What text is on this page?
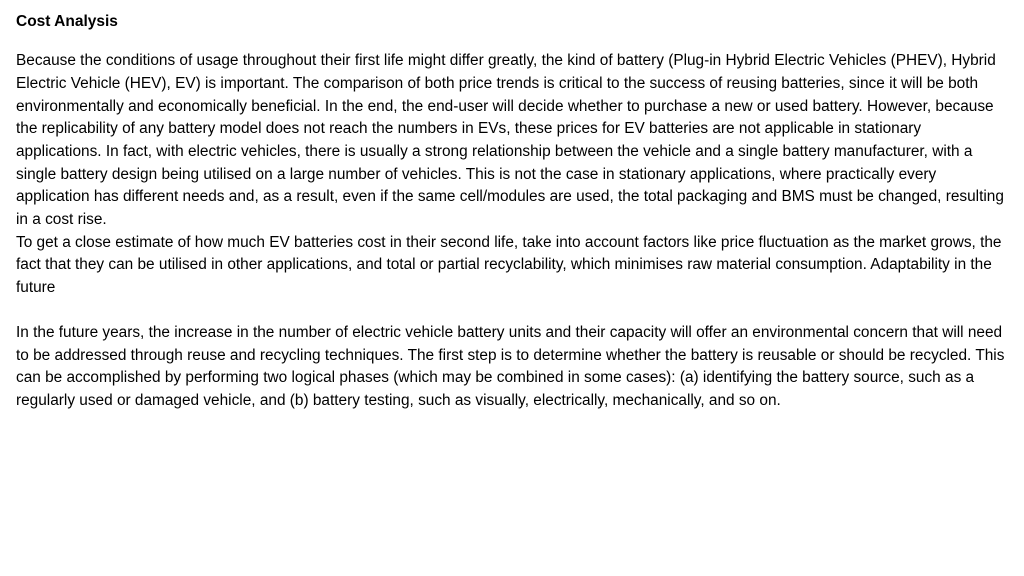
Cost Analysis

Because the conditions of usage throughout their first life might differ greatly, the kind of battery (Plug-in Hybrid Electric Vehicles (PHEV), Hybrid Electric Vehicle (HEV), EV) is important. The comparison of both price trends is critical to the success of reusing batteries, since it will be both environmentally and economically beneficial. In the end, the end-user will decide whether to purchase a new or used battery. However, because the replicability of any battery model does not reach the numbers in EVs, these prices for EV batteries are not applicable in stationary applications. In fact, with electric vehicles, there is usually a strong relationship between the vehicle and a single battery manufacturer, with a single battery design being utilised on a large number of vehicles. This is not the case in stationary applications, where practically every application has different needs and, as a result, even if the same cell/modules are used, the total packaging and BMS must be changed, resulting in a cost rise.

To get a close estimate of how much EV batteries cost in their second life, take into account factors like price fluctuation as the market grows, the fact that they can be utilised in other applications, and total or partial recyclability, which minimises raw material consumption. Adaptability in the future

In the future years, the increase in the number of electric vehicle battery units and their capacity will offer an environmental concern that will need to be addressed through reuse and recycling techniques. The first step is to determine whether the battery is reusable or should be recycled. This can be accomplished by performing two logical phases (which may be combined in some cases): (a) identifying the battery source, such as a regularly used or damaged vehicle, and (b) battery testing, such as visually, electrically, mechanically, and so on.
